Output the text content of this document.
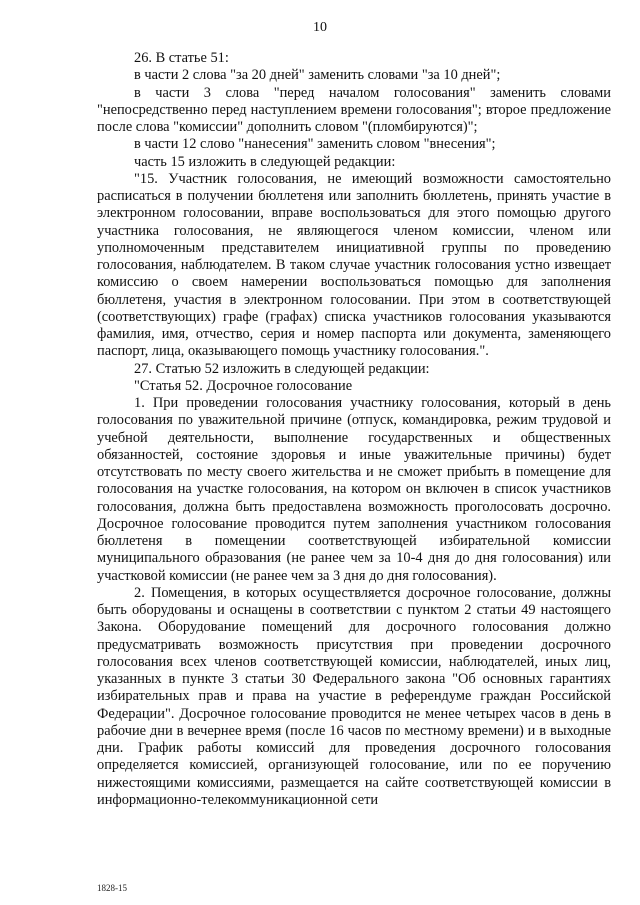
10

26. В статье 51:

в части 2 слова "за 20 дней" заменить словами "за 10 дней";

в части 3 слова "перед началом голосования" заменить словами "непосредственно перед наступлением времени голосования"; второе предложение после слова "комиссии" дополнить словом "(пломбируются)";

в части 12 слово "нанесения" заменить словом "внесения";

часть 15 изложить в следующей редакции:

"15. Участник голосования, не имеющий возможности самостоятельно расписаться в получении бюллетеня или заполнить бюллетень, принять участие в электронном голосовании, вправе воспользоваться для этого помощью другого участника голосования, не являющегося членом комиссии, членом или уполномоченным представителем инициативной группы по проведению голосования, наблюдателем. В таком случае участник голосования устно извещает комиссию о своем намерении воспользоваться помощью для заполнения бюллетеня, участия в электронном голосовании. При этом в соответствующей (соответствующих) графе (графах) списка участников голосования указываются фамилия, имя, отчество, серия и номер паспорта или документа, заменяющего паспорт, лица, оказывающего помощь участнику голосования.".

27. Статью 52 изложить в следующей редакции:

"Статья 52. Досрочное голосование

1. При проведении голосования участнику голосования, который в день голосования по уважительной причине (отпуск, командировка, режим трудовой и учебной деятельности, выполнение государственных и общественных обязанностей, состояние здоровья и иные уважительные причины) будет отсутствовать по месту своего жительства и не сможет прибыть в помещение для голосования на участке голосования, на котором он включен в список участников голосования, должна быть предоставлена возможность проголосовать досрочно. Досрочное голосование проводится путем заполнения участником голосования бюллетеня в помещении соответствующей избирательной комиссии муниципального образования (не ранее чем за 10-4 дня до дня голосования) или участковой комиссии (не ранее чем за 3 дня до дня голосования).

2. Помещения, в которых осуществляется досрочное голосование, должны быть оборудованы и оснащены в соответствии с пунктом 2 статьи 49 настоящего Закона. Оборудование помещений для досрочного голосования должно предусматривать возможность присутствия при проведении досрочного голосования всех членов соответствующей комиссии, наблюдателей, иных лиц, указанных в пункте 3 статьи 30 Федерального закона "Об основных гарантиях избирательных прав и права на участие в референдуме граждан Российской Федерации". Досрочное голосование проводится не менее четырех часов в день в рабочие дни в вечернее время (после 16 часов по местному времени) и в выходные дни. График работы комиссий для проведения досрочного голосования определяется комиссией, организующей голосование, или по ее поручению нижестоящими комиссиями, размещается на сайте соответствующей комиссии в информационно-телекоммуникационной сети

1828-15
